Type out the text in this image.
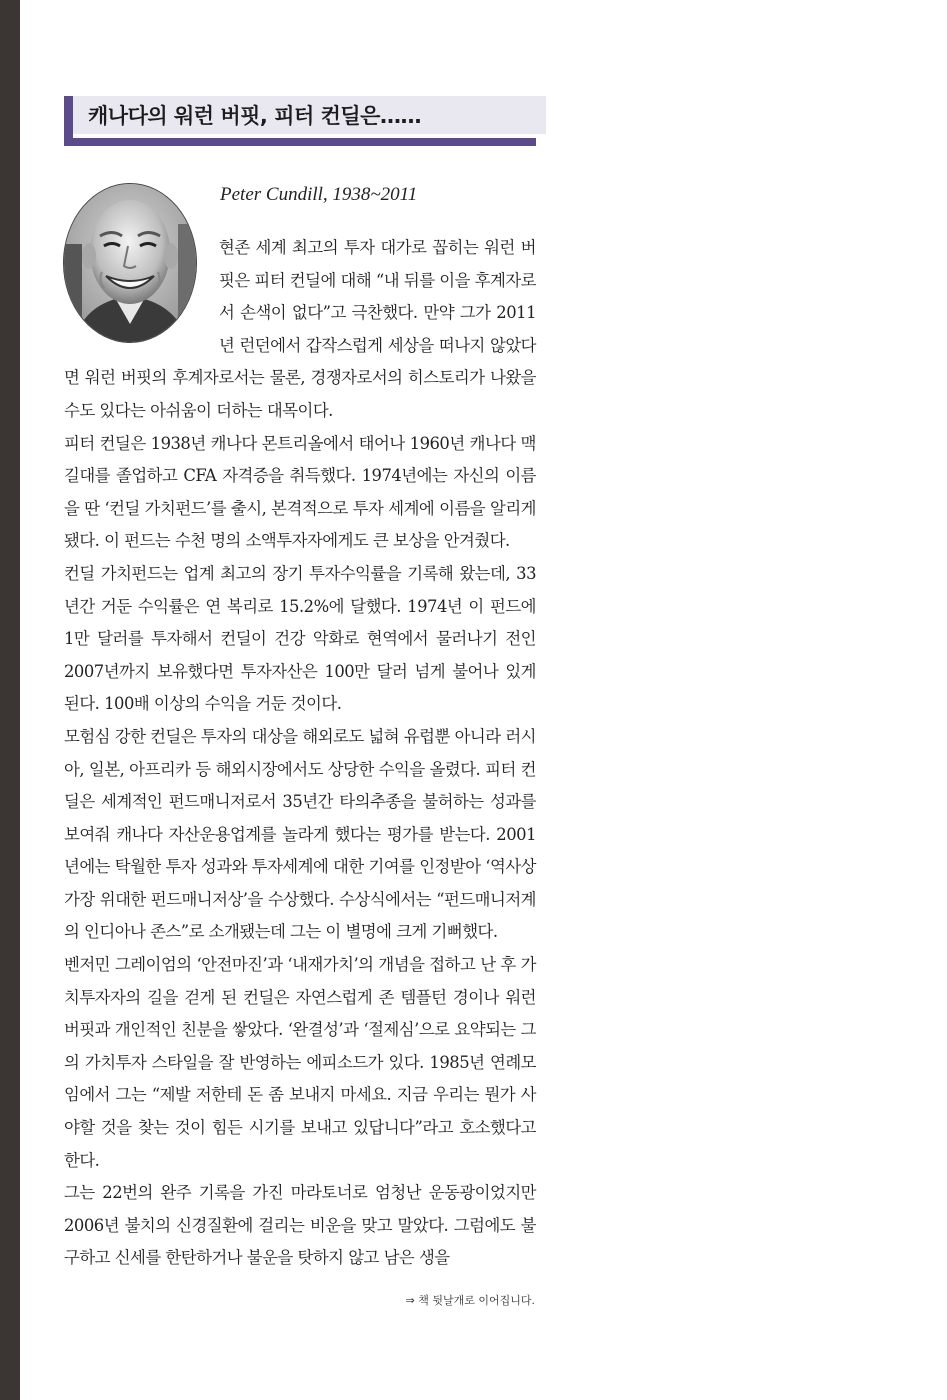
캐나다의 워런 버핏, 피터 컨딜은……
Peter Cundill, 1938~2011

현존 세계 최고의 투자 대가로 꼽히는 워런 버핏은 피터 컨딜에 대해 “내 뒤를 이을 후계자로서 손색이 없다”고 극찬했다. 만약 그가 2011년 런던에서 갑작스럽게 세상을 떠나지 않았다면 워런 버핏의 후계자로서는 물론, 경쟁자로서의 히스토리가 나왔을 수도 있다는 아쉬움이 더하는 대목이다.

피터 컨딜은 1938년 캐나다 몬트리올에서 태어나 1960년 캐나다 맥길대를 졸업하고 CFA 자격증을 취득했다. 1974년에는 자신의 이름을 딴 ‘컨딜 가치펀드’를 출시, 본격적으로 투자 세계에 이름을 알리게 됐다. 이 펀드는 수천 명의 소액투자자에게도 큰 보상을 안겨줬다.

컨딜 가치펀드는 업계 최고의 장기 투자수익률을 기록해 왔는데, 33년간 거둔 수익률은 연 복리로 15.2%에 달했다. 1974년 이 펀드에 1만 달러를 투자해서 컨딜이 건강 악화로 현역에서 물러나기 전인 2007년까지 보유했다면 투자자산은 100만 달러 넘게 불어나 있게 된다. 100배 이상의 수익을 거둔 것이다.

모험심 강한 컨딜은 투자의 대상을 해외로도 넓혀 유럽뿐 아니라 러시아, 일본, 아프리카 등 해외시장에서도 상당한 수익을 올렸다. 피터 컨딜은 세계적인 펀드매니저로서 35년간 타의추종을 불허하는 성과를 보여줘 캐나다 자산운용업계를 놀라게 했다는 평가를 받는다. 2001년에는 탁월한 투자 성과와 투자세계에 대한 기여를 인정받아 ‘역사상 가장 위대한 펀드매니저상’을 수상했다. 수상식에서는 “펀드매니저계의 인디아나 존스”로 소개됐는데 그는 이 별명에 크게 기뻐했다.

벤저민 그레이엄의 ‘안전마진’과 ‘내재가치’의 개념을 접하고 난 후 가치투자자의 길을 걷게 된 컨딜은 자연스럽게 존 템플턴 경이나 워런 버핏과 개인적인 친분을 쌓았다. ‘완결성’과 ‘절제심’으로 요약되는 그의 가치투자 스타일을 잘 반영하는 에피소드가 있다. 1985년 연례모임에서 그는 “제발 저한테 돈 좀 보내지 마세요. 지금 우리는 뭔가 사야할 것을 찾는 것이 힘든 시기를 보내고 있답니다”라고 호소했다고 한다.

그는 22번의 완주 기록을 가진 마라토너로 엄청난 운동광이었지만 2006년 불치의 신경질환에 걸리는 비운을 맞고 말았다. 그럼에도 불구하고 신세를 한탄하거나 불운을 탓하지 않고 남은 생을

⇒ 책 뒷날개로 이어집니다.
